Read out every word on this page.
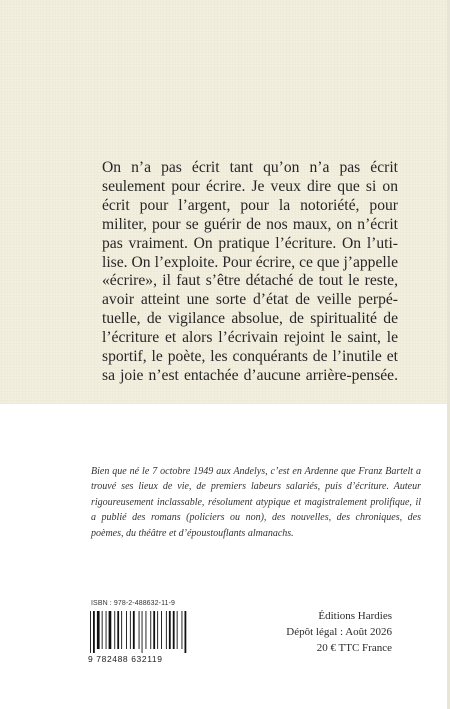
On n’a pas écrit tant qu’on n’a pas écrit
seulement pour écrire. Je veux dire que si on
écrit pour l’argent, pour la notoriété, pour
militer, pour se guérir de nos maux, on n’écrit
pas vraiment. On pratique l’écriture. On l’uti-
lise. On l’exploite. Pour écrire, ce que j’appelle
«écrire», il faut s’être détaché de tout le reste,
avoir atteint une sorte d’état de veille perpé-
tuelle, de vigilance absolue, de spiritualité de
l’écriture et alors l’écrivain rejoint le saint, le
sportif, le poète, les conquérants de l’inutile et
sa joie n’est entachée d’aucune arrière-pensée.

Bien que né le 7 octobre 1949 aux Andelys, c’est en Ardenne que Franz Bartelt a trouvé ses lieux de vie, de premiers labeurs salariés, puis d’écriture. Auteur rigoureusement inclassable, résolument atypique et magistralement prolifique, il a publié des romans (policiers ou non), des nouvelles, des chroniques, des poèmes, du théâtre et d’époustouflants almanachs.

ISBN : 978-2-488632-11-9
9 782488 632119
Éditions Hardies
Dépôt légal : Août 2026
20 € TTC France
